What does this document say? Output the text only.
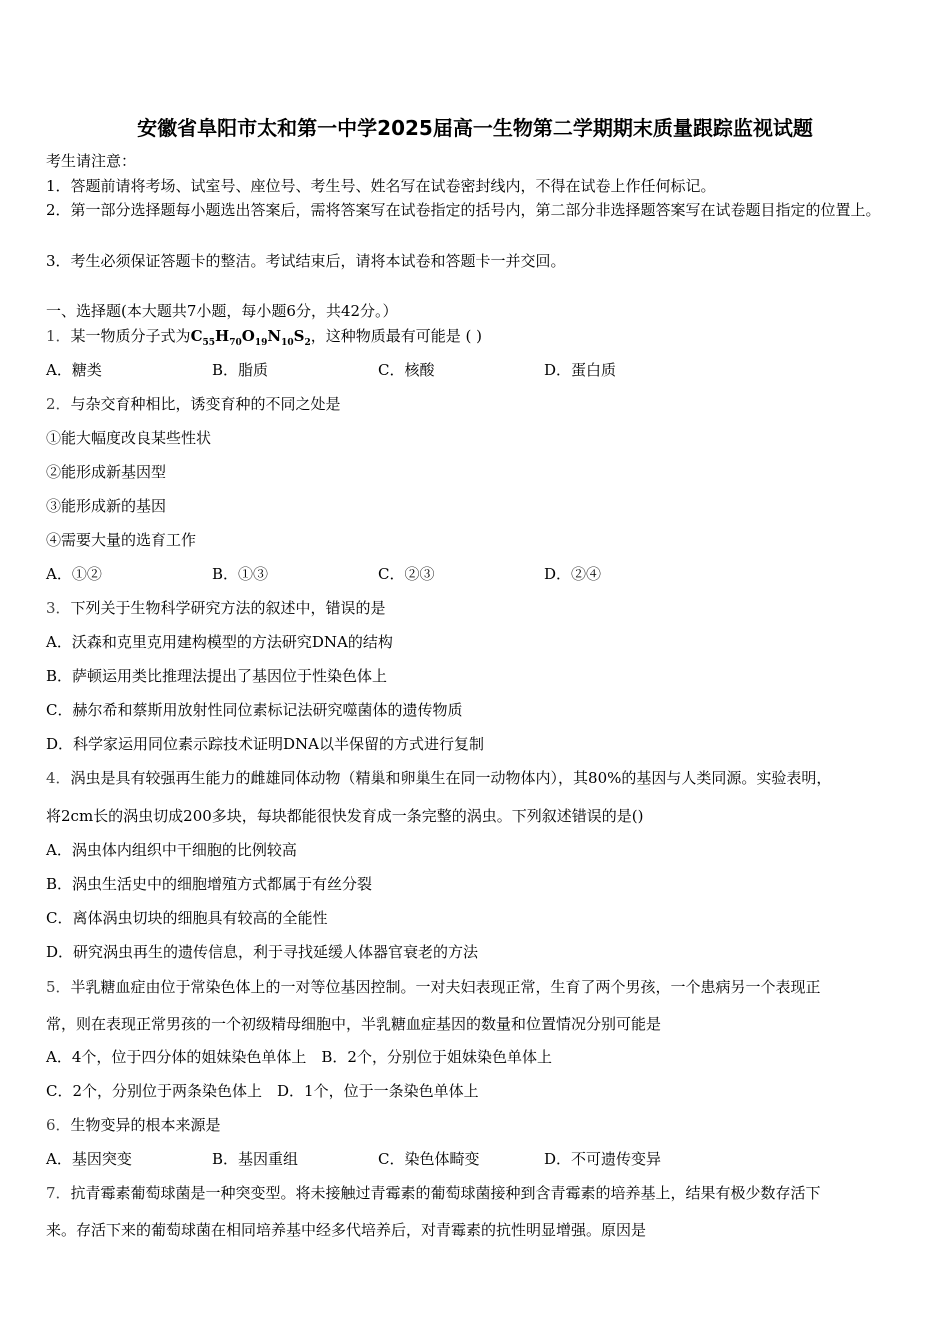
安徽省阜阳市太和第一中学2025届高一生物第二学期期末质量跟踪监视试题
考生请注意：
1．答题前请将考场、试室号、座位号、考生号、姓名写在试卷密封线内，不得在试卷上作任何标记。
2．第一部分选择题每小题选出答案后，需将答案写在试卷指定的括号内，第二部分非选择题答案写在试卷题目指定的位置上。
3．考生必须保证答题卡的整洁。考试结束后，请将本试卷和答题卡一并交回。
一、选择题(本大题共7小题，每小题6分，共42分。）
1．某一物质分子式为$C_{55}H_{70}O_{19}N_{10}S_2$，这种物质最有可能是 ( )
A．糖类	B．脂质	C．核酸	D．蛋白质
2．与杂交育种相比，诱变育种的不同之处是
①能大幅度改良某些性状
②能形成新基因型
③能形成新的基因
④需要大量的选育工作
A．①②	B．①③	C．②③	D．②④
3．下列关于生物科学研究方法的叙述中，错误的是
A．沃森和克里克用建构模型的方法研究DNA的结构
B．萨顿运用类比推理法提出了基因位于性染色体上
C．赫尔希和蔡斯用放射性同位素标记法研究噬菌体的遗传物质
D．科学家运用同位素示踪技术证明DNA以半保留的方式进行复制
4．涡虫是具有较强再生能力的雌雄同体动物（精巢和卵巢生在同一动物体内），其80%的基因与人类同源。实验表明，
将2cm长的涡虫切成200多块，每块都能很快发育成一条完整的涡虫。下列叙述错误的是()
A．涡虫体内组织中干细胞的比例较高
B．涡虫生活史中的细胞增殖方式都属于有丝分裂
C．离体涡虫切块的细胞具有较高的全能性
D．研究涡虫再生的遗传信息，利于寻找延缓人体器官衰老的方法
5．半乳糖血症由位于常染色体上的一对等位基因控制。一对夫妇表现正常，生育了两个男孩，一个患病另一个表现正
常，则在表现正常男孩的一个初级精母细胞中，半乳糖血症基因的数量和位置情况分别可能是
A．4个，位于四分体的姐妹染色单体上　B．2个，分别位于姐妹染色单体上
C．2个，分别位于两条染色体上　D．1个，位于一条染色单体上
6．生物变异的根本来源是
A．基因突变	B．基因重组	C．染色体畸变	D．不可遗传变异
7．抗青霉素葡萄球菌是一种突变型。将未接触过青霉素的葡萄球菌接种到含青霉素的培养基上，结果有极少数存活下
来。存活下来的葡萄球菌在相同培养基中经多代培养后，对青霉素的抗性明显增强。原因是
